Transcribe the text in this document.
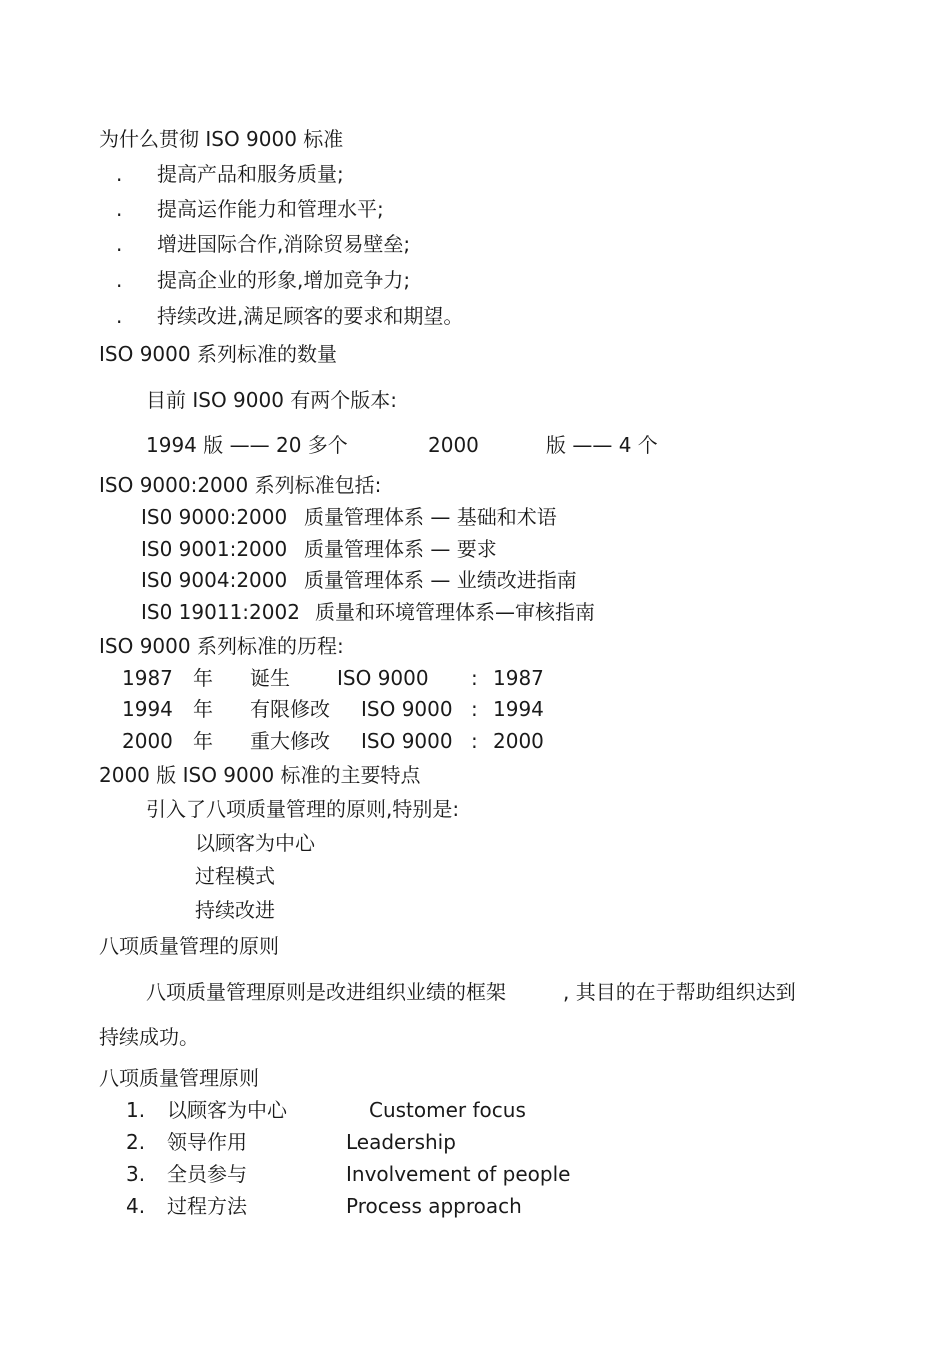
为什么贯彻 ISO 9000 标准
. 提高产品和服务质量;
. 提高运作能力和管理水平;
. 增进国际合作,消除贸易壁垒;
. 提高企业的形象,增加竞争力;
. 持续改进,满足顾客的要求和期望。
ISO 9000 系列标准的数量
目前 ISO 9000 有两个版本:
1994 版 —— 20 多个	2000	版 —— 4 个
ISO 9000:2000 系列标准包括:
IS0 9000:2000 质量管理体系 — 基础和术语
IS0 9001:2000 质量管理体系 — 要求
IS0 9004:2000 质量管理体系 — 业绩改进指南
IS0 19011:2002 质量和环境管理体系—审核指南
ISO 9000 系列标准的历程:
1987 年 诞生 ISO 9000 : 1987
1994 年 有限修改 ISO 9000 : 1994
2000 年 重大修改 ISO 9000 : 2000
2000 版 ISO 9000 标准的主要特点
引入了八项质量管理的原则,特别是:
以顾客为中心
过程模式
持续改进
八项质量管理的原则
八项质量管理原则是改进组织业绩的框架	, 其目的在于帮助组织达到
持续成功。
八项质量管理原则
1. 以顾客为中心	Customer focus
2. 领导作用	Leadership
3. 全员参与	Involvement of people
4. 过程方法	Process approach
